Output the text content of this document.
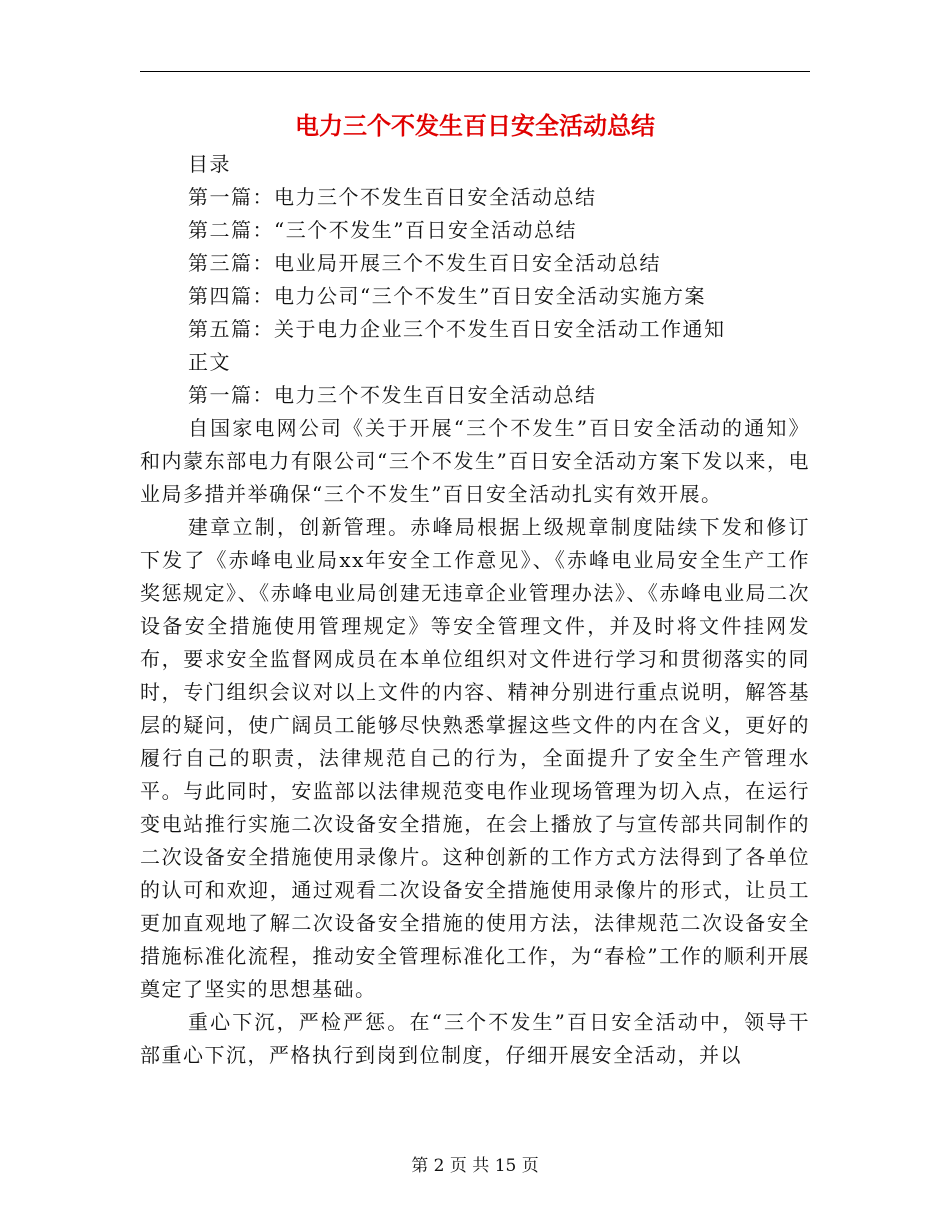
电力三个不发生百日安全活动总结
目录
第一篇：电力三个不发生百日安全活动总结
第二篇：“三个不发生”百日安全活动总结
第三篇：电业局开展三个不发生百日安全活动总结
第四篇：电力公司“三个不发生”百日安全活动实施方案
第五篇：关于电力企业三个不发生百日安全活动工作通知
正文
第一篇：电力三个不发生百日安全活动总结

自国家电网公司《关于开展“三个不发生”百日安全活动的通知》和内蒙东部电力有限公司“三个不发生”百日安全活动方案下发以来，电业局多措并举确保“三个不发生”百日安全活动扎实有效开展。

建章立制，创新管理。赤峰局根据上级规章制度陆续下发和修订下发了《赤峰电业局xx年安全工作意见》、《赤峰电业局安全生产工作奖惩规定》、《赤峰电业局创建无违章企业管理办法》、《赤峰电业局二次设备安全措施使用管理规定》等安全管理文件，并及时将文件挂网发布，要求安全监督网成员在本单位组织对文件进行学习和贯彻落实的同时，专门组织会议对以上文件的内容、精神分别进行重点说明，解答基层的疑问，使广阔员工能够尽快熟悉掌握这些文件的内在含义，更好的履行自己的职责，法律规范自己的行为，全面提升了安全生产管理水平。与此同时，安监部以法律规范变电作业现场管理为切入点，在运行变电站推行实施二次设备安全措施，在会上播放了与宣传部共同制作的二次设备安全措施使用录像片。这种创新的工作方式方法得到了各单位的认可和欢迎，通过观看二次设备安全措施使用录像片的形式，让员工更加直观地了解二次设备安全措施的使用方法，法律规范二次设备安全措施标准化流程，推动安全管理标准化工作，为“春检”工作的顺利开展奠定了坚实的思想基础。

重心下沉，严检严惩。在“三个不发生”百日安全活动中，领导干部重心下沉，严格执行到岗到位制度，仔细开展安全活动，并以

第 2 页 共 15 页
